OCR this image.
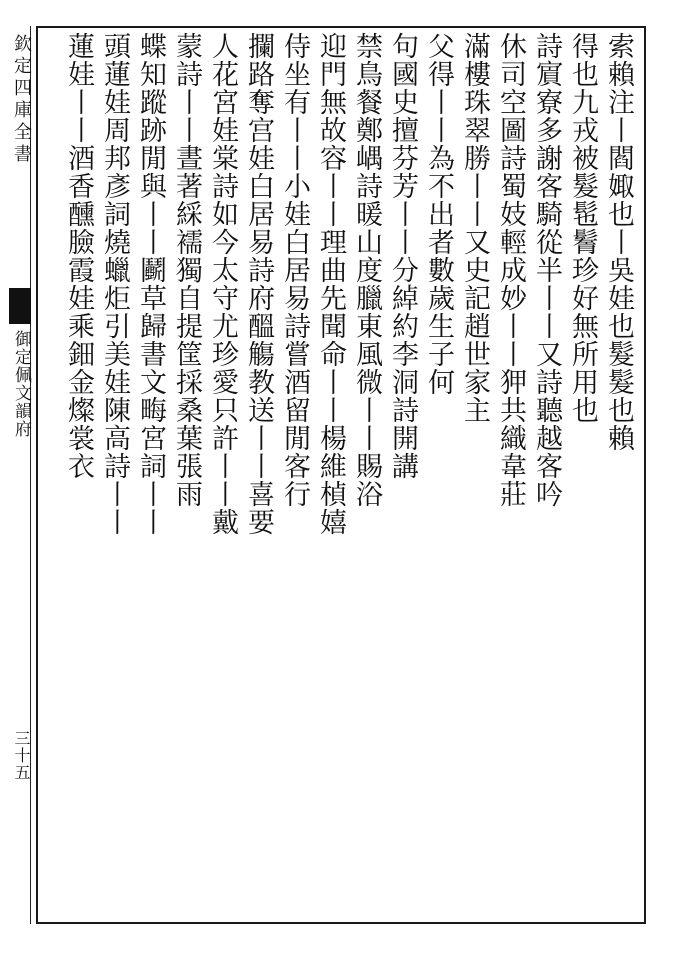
欽定四庫全書
御定佩文韻府
三十五
索賴注丨閻娵也丨吳娃也髮髮也賴
得也九戎被髮髢鬌珍好無所用也
詩賔寮多謝客騎從半丨丨又詩聽越客吟
休司空圖詩蜀妓輕成妙丨丨狎共織韋莊
滿樓珠翠勝丨丨又史記趙世家主
父得丨丨為不出者數歲生子何
句國史擅芬芳丨丨分綽約李洞詩開講
禁鳥餐鄭嵎詩暖山度臘東風微丨丨賜浴
迎門無故容丨丨理曲先聞命丨丨楊維楨嬉
侍坐有丨丨小娃白居易詩嘗酒留閒客行
攔路奪宫娃白居易詩府醞觴教送丨丨喜要
人花宮娃棠詩如今太守尤珍愛只許丨丨戴
蒙詩丨丨晝著綵襦獨自提筐採桑葉張雨
蝶知蹤跡閒與丨丨鬬草歸書文畮宮詞丨丨
頭蓮娃周邦彥詞燒蠟炬引美娃陳高詩丨丨
蓮娃丨丨酒香醺臉霞娃乘鈿金燦裳衣
